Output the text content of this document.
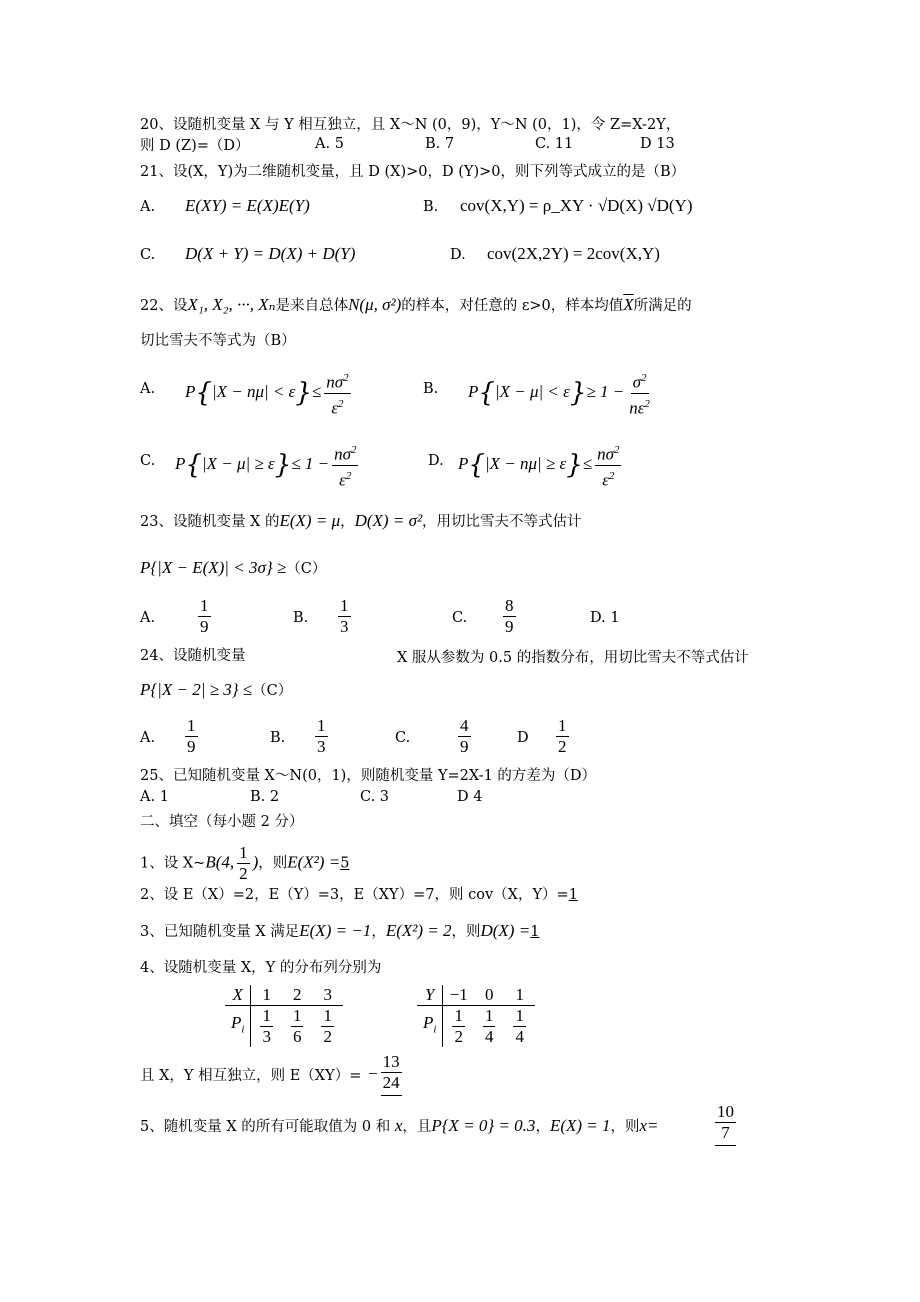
20、设随机变量 X 与 Y 相互独立，且 X～N (0，9)，Y～N (0，1)，令 Z=X-2Y，
则 D (Z)=（D）	A. 5	B. 7	C. 11	D 13
21、设(X，Y)为二维随机变量，且 D (X)>0，D (Y)>0，则下列等式成立的是（B）
A. E(XY) = E(X)E(Y)	B. cov(X,Y) = ρ_XY · √D(X) √D(Y)
C. D(X + Y) = D(X) + D(Y)	D. cov(2X,2Y) = 2cov(X,Y)
22、设X₁, X₂, ···, Xₙ是来自总体N(μ, σ²)的样本，对任意的 ε>0，样本均值$\overline{X}$所满足的
切比雪夫不等式为（B）
A. $P\{|X - n\mu| < \varepsilon\}\le \frac{n\sigma^2}{\varepsilon^2}$	B. $P\{|X - \mu| < \varepsilon\}\ge 1 - \frac{\sigma^2}{n\varepsilon^2}$
C. $P\{|X - \mu| \ge \varepsilon\}\le 1 - \frac{n\sigma^2}{\varepsilon^2}$	D. $P\{|X - n\mu| \ge \varepsilon\}\le \frac{n\sigma^2}{\varepsilon^2}$
23、设随机变量 X 的E(X) = μ，D(X) = σ²，用切比雪夫不等式估计
P{|X − E(X)| < 3σ} ≥（C）
A.	$\frac{1}{9}$	B. $\frac{1}{3}$	C. $\frac{8}{9}$	D. 1
24、设随机变量	X 服从参数为 0.5 的指数分布，用切比雪夫不等式估计
P{|X − 2| ≥ 3} ≤（C）
A. $\frac{1}{9}$	B. $\frac{1}{3}$	C.	$\frac{4}{9}$	D $\frac{1}{2}$
25、已知随机变量 X～N(0，1)，则随机变量 Y=2X-1 的方差为（D）
A. 1	B. 2	C. 3	D 4
二、填空（每小题 2 分）
1、设 X~B(4, $\frac{1}{2}$ )，则E(X²) =5
2、设 E（X）=2，E（Y）=3，E（XY）=7，则 cov（X，Y）=1
3、已知随机变量 X 满足E(X) = −1，E(X²) = 2，则D(X) =1
4、设随机变量 X，Y 的分布列分别为
X	1	2	3
$P_i$	$\frac{1}{3}$	$\frac{1}{6}$	$\frac{1}{2}$
Y	−1	0	1
$P_i$	$\frac{1}{2}$	$\frac{1}{4}$	$\frac{1}{4}$
且 X，Y 相互独立，则 $E(XY)= - \frac{13}{24}$
5、随机变量 X 的所有可能取值为 0 和 x，且P{X = 0} = 0.3，E(X) = 1，则x=	$\frac{10}{7}$
